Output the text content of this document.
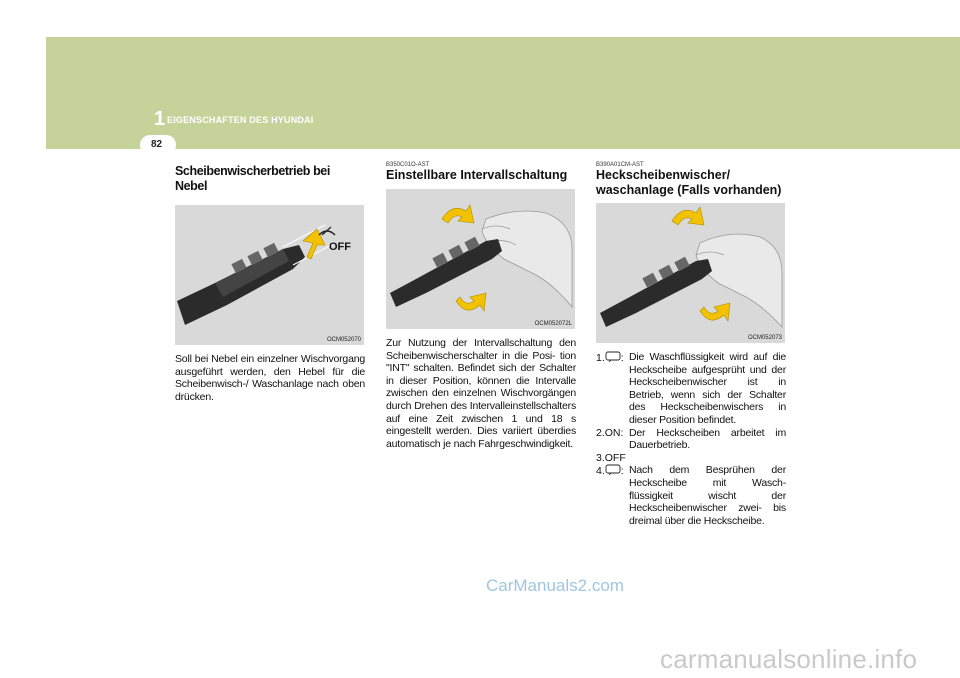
1 EIGENSCHAFTEN DES HYUNDAI
82
Scheibenwischerbetrieb bei Nebel
OFF
OCM052070

Soll bei Nebel ein einzelner Wischvorgang ausgeführt werden, den Hebel für die Scheibenwisch-/ Waschanlage nach oben drücken.

B350C01O-AST
Einstellbare Intervallschaltung
OCM052072L

Zur Nutzung der Intervallschaltung den Scheibenwischerschalter in die Posi- tion "INT" schalten. Befindet sich der Schalter in dieser Position, können die Intervalle zwischen den einzelnen Wischvorgängen durch Drehen des Intervalleinstellschalters auf eine Zeit zwischen 1 und 18 s eingestellt werden. Dies variiert überdies automatisch je nach Fahrgeschwindigkeit.

B390A01CM-AST
Heckscheibenwischer/
waschanlage (Falls vorhanden)
OCM052073
1. : Die Waschflüssigkeit wird auf die Heckscheibe aufgesprüht und der Heckscheibenwischer ist in Betrieb, wenn sich der Schalter des Heckscheibenwischers in dieser Position befindet.
2.ON: Der Heckscheiben arbeitet im Dauerbetrieb.
3.OFF
4. : Nach dem Besprühen der Heckscheibe mit Wasch- flüssigkeit wischt der Heckscheibenwischer zwei- bis dreimal über die Heckscheibe.
CarManuals2.com
carmanualsonline.info
